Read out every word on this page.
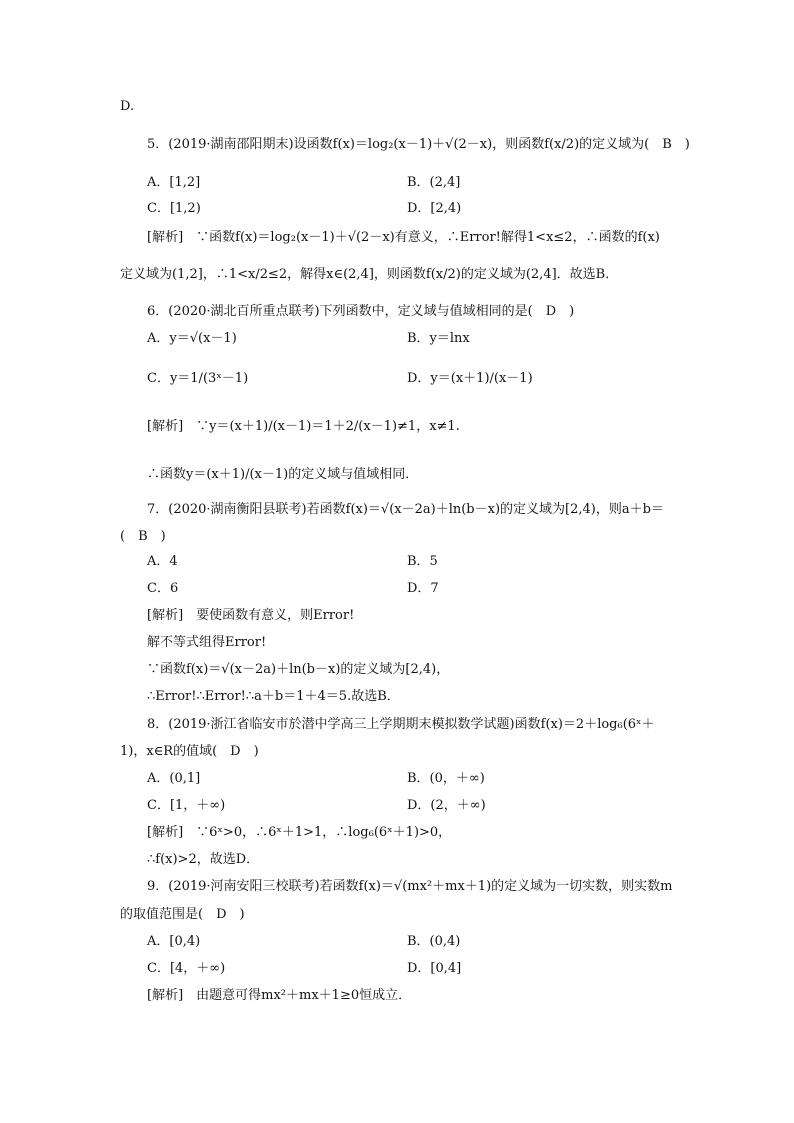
D.
5．(2019·湖南邵阳期末)设函数f(x)＝log₂(x－1)＋√(2－x)，则函数f(x/2)的定义域为(　B　)
A．[1,2]	B．(2,4]
C．[1,2)	D．[2,4)
[解析]　∵函数f(x)＝log₂(x－1)＋√(2－x)有意义，∴Error!解得1<x≤2，∴函数的f(x)
定义域为(1,2]，∴1<x/2≤2，解得x∈(2,4]，则函数f(x/2)的定义域为(2,4]．故选B．
6．(2020·湖北百所重点联考)下列函数中，定义域与值域相同的是(　D　)
A．y＝√(x－1)	B．y＝lnx
C．y＝1/(3ˣ－1)	D．y＝(x＋1)/(x－1)
[解析]　∵y＝(x＋1)/(x－1)＝1＋2/(x－1)≠1，x≠1.
∴函数y＝(x＋1)/(x－1)的定义域与值域相同．
7．(2020·湖南衡阳县联考)若函数f(x)＝√(x－2a)＋ln(b－x)的定义域为[2,4)，则a＋b＝
(　B　)
A．4	B．5
C．6	D．7
[解析]　要使函数有意义，则Error!
解不等式组得Error!
∵函数f(x)＝√(x－2a)＋ln(b－x)的定义域为[2,4)，
∴Error!∴Error!∴a＋b＝1＋4＝5.故选B．
8．(2019·浙江省临安市於潜中学高三上学期期末模拟数学试题)函数f(x)＝2＋log₆(6ˣ＋
1)，x∈R的值域(　D　)
A．(0,1]	B．(0，＋∞)
C．[1，＋∞)	D．(2，＋∞)
[解析]　∵6ˣ>0，∴6ˣ＋1>1，∴log₆(6ˣ＋1)>0，
∴f(x)>2，故选D．
9．(2019·河南安阳三校联考)若函数f(x)＝√(mx²＋mx＋1)的定义域为一切实数，则实数m
的取值范围是(　D　)
A．[0,4)	B．(0,4)
C．[4，＋∞)	D．[0,4]
[解析]　由题意可得mx²＋mx＋1≥0恒成立．
